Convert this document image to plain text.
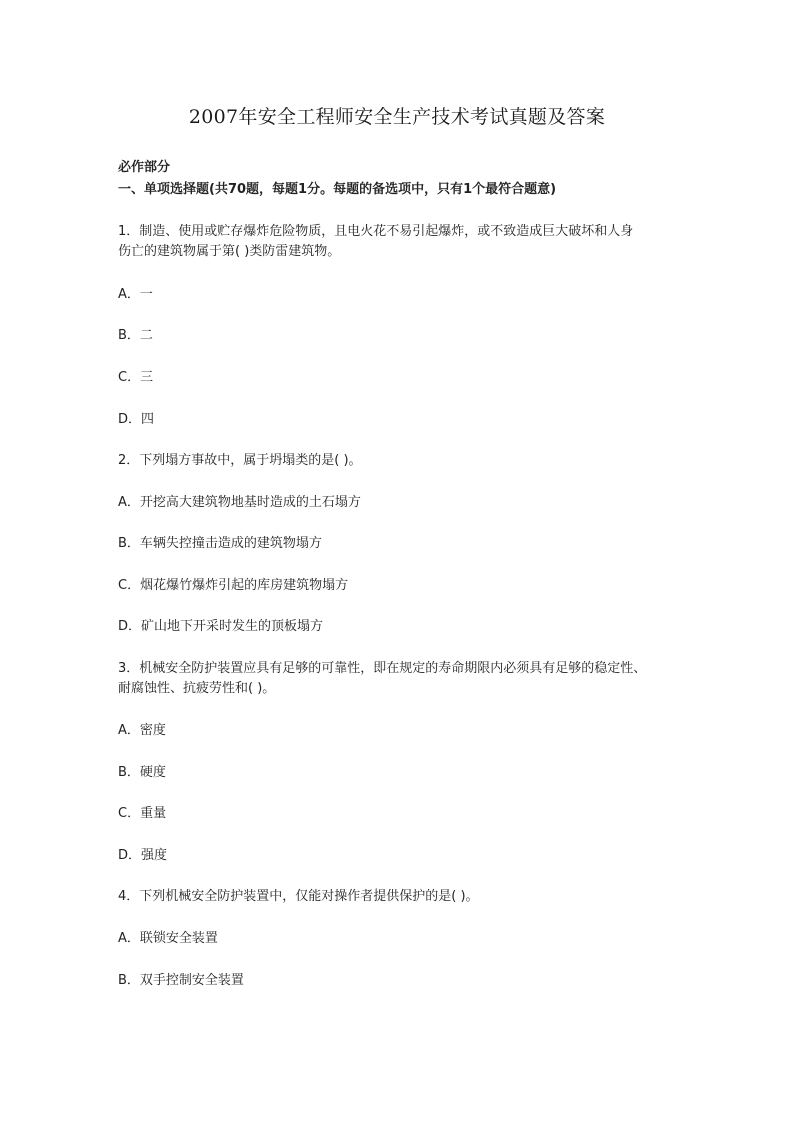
2007年安全工程师安全生产技术考试真题及答案
必作部分
一、单项选择题(共70题，每题1分。每题的备选项中，只有1个最符合题意)
1．制造、使用或贮存爆炸危险物质，且电火花不易引起爆炸，或不致造成巨大破坏和人身
伤亡的建筑物属于第( )类防雷建筑物。
A．一
B．二
C．三
D．四
2．下列塌方事故中，属于坍塌类的是( )。
A．开挖高大建筑物地基时造成的土石塌方
B．车辆失控撞击造成的建筑物塌方
C．烟花爆竹爆炸引起的库房建筑物塌方
D．矿山地下开采时发生的顶板塌方
3．机械安全防护装置应具有足够的可靠性，即在规定的寿命期限内必须具有足够的稳定性、
耐腐蚀性、抗疲劳性和( )。
A．密度
B．硬度
C．重量
D．强度
4．下列机械安全防护装置中，仅能对操作者提供保护的是( )。
A．联锁安全装置
B．双手控制安全装置
